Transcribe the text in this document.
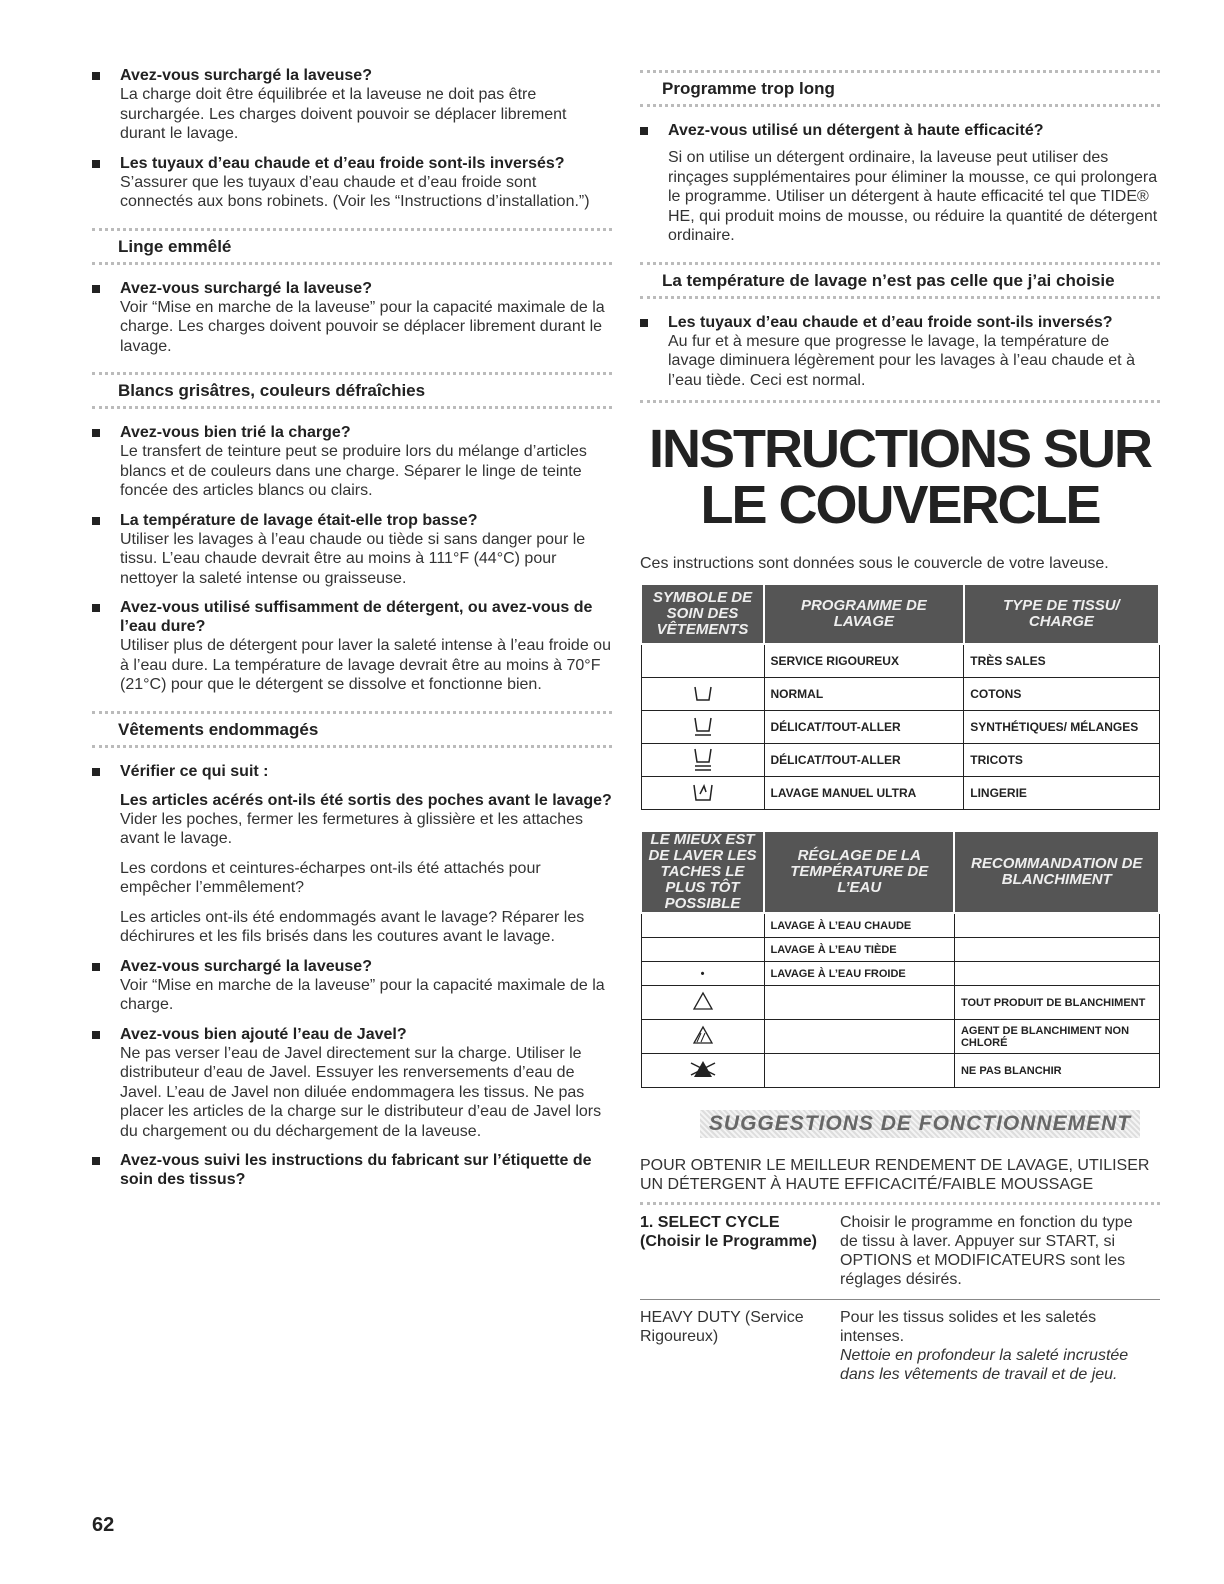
Avez-vous surchargé la laveuse?
La charge doit être équilibrée et la laveuse ne doit pas être surchargée. Les charges doivent pouvoir se déplacer librement durant le lavage.
Les tuyaux d’eau chaude et d’eau froide sont-ils inversés?
S’assurer que les tuyaux d’eau chaude et d’eau froide sont connectés aux bons robinets. (Voir les “Instructions d’installation.”)
Linge emmêlé
Avez-vous surchargé la laveuse?
Voir “Mise en marche de la laveuse” pour la capacité maximale de la charge. Les charges doivent pouvoir se déplacer librement durant le lavage.
Blancs grisâtres, couleurs défraîchies
Avez-vous bien trié la charge?
Le transfert de teinture peut se produire lors du mélange d’articles blancs et de couleurs dans une charge. Séparer le linge de teinte foncée des articles blancs ou clairs.
La température de lavage était-elle trop basse?
Utiliser les lavages à l’eau chaude ou tiède si sans danger pour le tissu. L’eau chaude devrait être au moins à 111°F (44°C) pour nettoyer la saleté intense ou graisseuse.
Avez-vous utilisé suffisamment de détergent, ou avez-vous de l’eau dure?
Utiliser plus de détergent pour laver la saleté intense à l’eau froide ou à l’eau dure. La température de lavage devrait être au moins à 70°F (21°C) pour que le détergent se dissolve et fonctionne bien.
Vêtements endommagés
Vérifier ce qui suit :
Les articles acérés ont-ils été sortis des poches avant le lavage?
Vider les poches, fermer les fermetures à glissière et les attaches avant le lavage.
Les cordons et ceintures-écharpes ont-ils été attachés pour empêcher l’emmêlement?
Les articles ont-ils été endommagés avant le lavage? Réparer les déchirures et les fils brisés dans les coutures avant le lavage.
Avez-vous surchargé la laveuse?
Voir “Mise en marche de la laveuse” pour la capacité maximale de la charge.
Avez-vous bien ajouté l’eau de Javel?
Ne pas verser l’eau de Javel directement sur la charge. Utiliser le distributeur d’eau de Javel. Essuyer les renversements d’eau de Javel. L’eau de Javel non diluée endommagera les tissus. Ne pas placer les articles de la charge sur le distributeur d’eau de Javel lors du chargement ou du déchargement de la laveuse.
Avez-vous suivi les instructions du fabricant sur l’étiquette de soin des tissus?
Programme trop long
Avez-vous utilisé un détergent à haute efficacité?
Si on utilise un détergent ordinaire, la laveuse peut utiliser des rinçages supplémentaires pour éliminer la mousse, ce qui prolongera le programme. Utiliser un détergent à haute efficacité tel que TIDE® HE, qui produit moins de mousse, ou réduire la quantité de détergent ordinaire.
La température de lavage n’est pas celle que j’ai choisie
Les tuyaux d’eau chaude et d’eau froide sont-ils inversés?
Au fur et à mesure que progresse le lavage, la température de lavage diminuera légèrement pour les lavages à l’eau chaude et à l’eau tiède. Ceci est normal.
INSTRUCTIONS SUR LE COUVERCLE
Ces instructions sont données sous le couvercle de votre laveuse.
SYMBOLE DE SOIN DES VÊTEMENTS	PROGRAMME DE LAVAGE	TYPE DE TISSU/ CHARGE
	SERVICE RIGOUREUX	TRÈS SALES
	NORMAL	COTONS
	DÉLICAT/TOUT-ALLER	SYNTHÉTIQUES/ MÉLANGES
	DÉLICAT/TOUT-ALLER	TRICOTS
	LAVAGE MANUEL ULTRA	LINGERIE
LE MIEUX EST DE LAVER LES TACHES LE PLUS TÔT POSSIBLE	RÉGLAGE DE LA TEMPÉRATURE DE L’EAU	RECOMMANDATION DE BLANCHIMENT
	LAVAGE À L’EAU CHAUDE	
	LAVAGE À L’EAU TIÈDE	
•	LAVAGE À L’EAU FROIDE	
		TOUT PRODUIT DE BLANCHIMENT
		AGENT DE BLANCHIMENT NON CHLORÉ
		NE PAS BLANCHIR
SUGGESTIONS DE FONCTIONNEMENT
POUR OBTENIR LE MEILLEUR RENDEMENT DE LAVAGE, UTILISER UN DÉTERGENT À HAUTE EFFICACITÉ/FAIBLE MOUSSAGE
1. SELECT CYCLE (Choisir le Programme)
Choisir le programme en fonction du type de tissu à laver. Appuyer sur START, si OPTIONS et MODIFICATEURS sont les réglages désirés.
HEAVY DUTY (Service Rigoureux)
Pour les tissus solides et les saletés intenses.
Nettoie en profondeur la saleté incrustée dans les vêtements de travail et de jeu.
62
